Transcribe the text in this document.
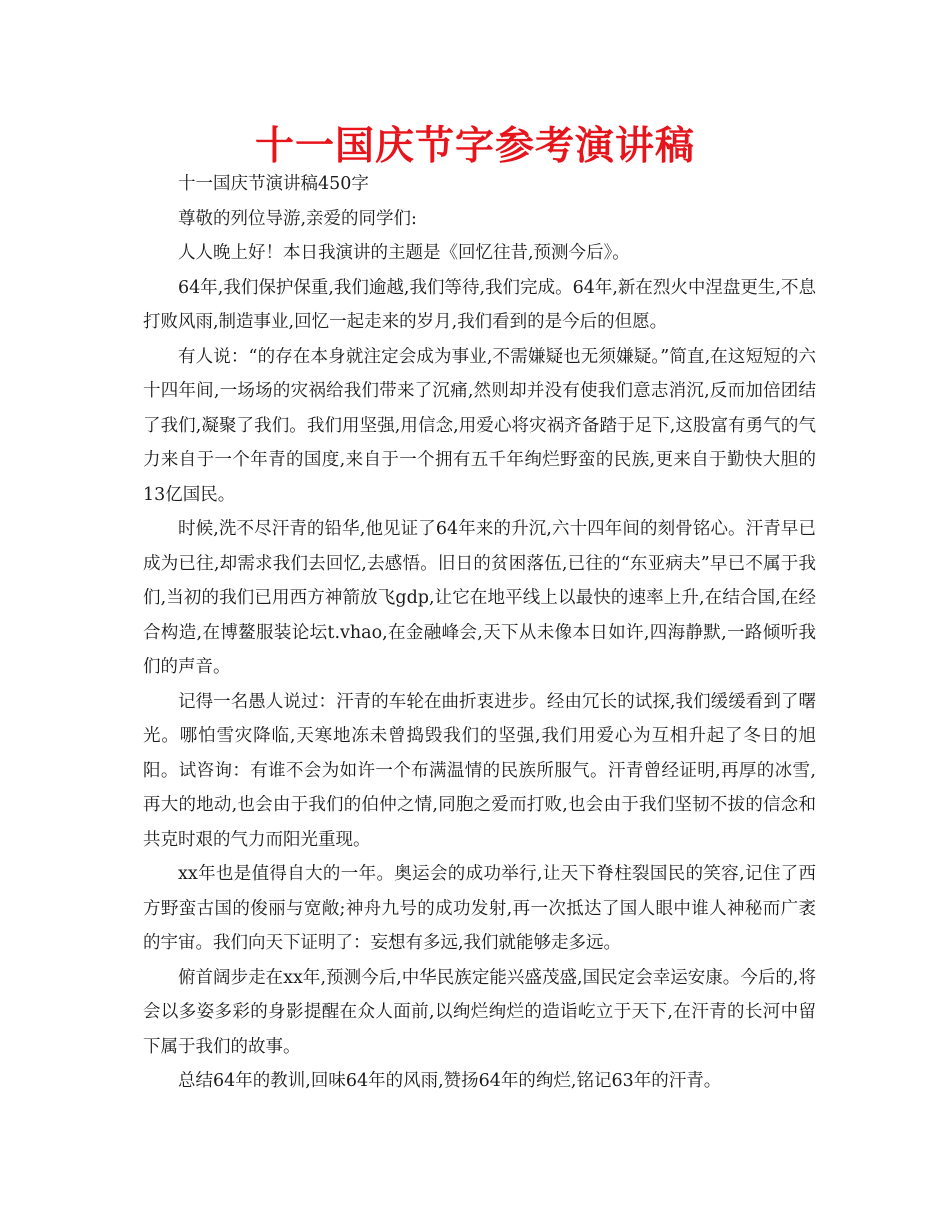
十一国庆节字参考演讲稿

十一国庆节演讲稿450字

尊敬的列位导游,亲爱的同学们:

人人晚上好！本日我演讲的主题是《回忆往昔,预测今后》。

64年,我们保护保重,我们逾越,我们等待,我们完成。64年,新在烈火中涅盘更生,不息打败风雨,制造事业,回忆一起走来的岁月,我们看到的是今后的但愿。

有人说：“的存在本身就注定会成为事业,不需嫌疑也无须嫌疑。”简直,在这短短的六十四年间,一场场的灾祸给我们带来了沉痛,然则却并没有使我们意志消沉,反而加倍团结了我们,凝聚了我们。我们用坚强,用信念,用爱心将灾祸齐备踏于足下,这股富有勇气的气力来自于一个年青的国度,来自于一个拥有五千年绚烂野蛮的民族,更来自于勤快大胆的13亿国民。

时候,洗不尽汗青的铅华,他见证了64年来的升沉,六十四年间的刻骨铭心。汗青早已成为已往,却需求我们去回忆,去感悟。旧日的贫困落伍,已往的“东亚病夫”早已不属于我们,当初的我们已用西方神箭放飞gdp,让它在地平线上以最快的速率上升,在结合国,在经合构造,在博鳌服装论坛t.vhao,在金融峰会,天下从未像本日如许,四海静默,一路倾听我们的声音。

记得一名愚人说过：汗青的车轮在曲折衷进步。经由冗长的试探,我们缓缓看到了曙光。哪怕雪灾降临,天寒地冻未曾捣毁我们的坚强,我们用爱心为互相升起了冬日的旭阳。试咨询：有谁不会为如许一个布满温情的民族所服气。汗青曾经证明,再厚的冰雪,再大的地动,也会由于我们的伯仲之情,同胞之爱而打败,也会由于我们坚韧不拔的信念和共克时艰的气力而阳光重现。

xx年也是值得自大的一年。奥运会的成功举行,让天下脊柱裂国民的笑容,记住了西方野蛮古国的俊丽与宽敞;神舟九号的成功发射,再一次抵达了国人眼中谁人神秘而广袤的宇宙。我们向天下证明了：妄想有多远,我们就能够走多远。

俯首阔步走在xx年,预测今后,中华民族定能兴盛茂盛,国民定会幸运安康。今后的,将会以多姿多彩的身影提醒在众人面前,以绚烂绚烂的造诣屹立于天下,在汗青的长河中留下属于我们的故事。

总结64年的教训,回味64年的风雨,赞扬64年的绚烂,铭记63年的汗青。
